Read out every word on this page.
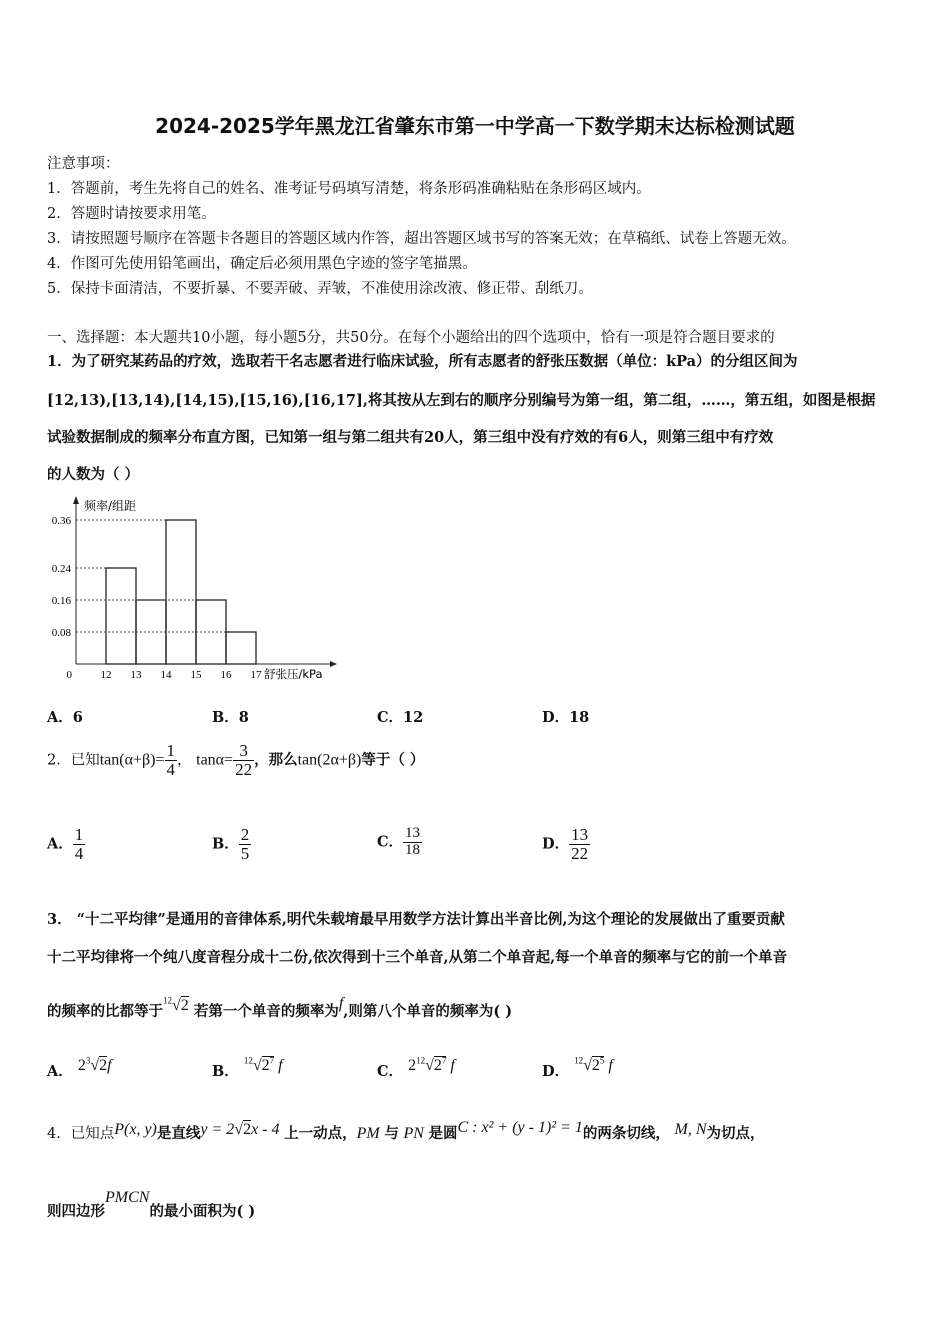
2024-2025学年黑龙江省肇东市第一中学高一下数学期末达标检测试题
注意事项：
1．答题前，考生先将自己的姓名、准考证号码填写清楚，将条形码准确粘贴在条形码区域内。
2．答题时请按要求用笔。
3．请按照题号顺序在答题卡各题目的答题区域内作答，超出答题区域书写的答案无效；在草稿纸、试卷上答题无效。
4．作图可先使用铅笔画出，确定后必须用黑色字迹的签字笔描黑。
5．保持卡面清洁，不要折暴、不要弄破、弄皱，不准使用涂改液、修正带、刮纸刀。
一、选择题：本大题共10小题，每小题5分，共50分。在每个小题给出的四个选项中，恰有一项是符合题目要求的
1．为了研究某药品的疗效，选取若干名志愿者进行临床试验，所有志愿者的舒张压数据（单位：kPa）的分组区间为
[12,13),[13,14),[14,15),[15,16),[16,17],将其按从左到右的顺序分别编号为第一组，第二组，……，第五组，如图是根据
试验数据制成的频率分布直方图，已知第一组与第二组共有20人，第三组中没有疗效的有6人，则第三组中有疗效
的人数为（ ）
0.36
0.24
0.16
0.08
12 13 14 15 16 17
0
频率/组距
舒张压/kPa
A．6	B．8	C．12	D．18
2．已知$\tan(\alpha+\beta)= \frac{1}{4}$ ， $\tan\alpha= \frac{3}{22}$ ，那么tan(2α+β)等于（ ）
A． $\frac{1}{4}$	B． $\frac{2}{5}$	C． $\frac{13}{18}$	D． $\frac{13}{22}$
3． “十二平均律”是通用的音律体系,明代朱载堉最早用数学方法计算出半音比例,为这个理论的发展做出了重要贡献
十二平均律将一个纯八度音程分成十二份,依次得到十三个单音,从第二个单音起,每一个单音的频率与它的前一个单音
的频率的比都等于$^{12}$√2 若第一个单音的频率为f,则第八个单音的频率为( )
A． $2^3√2f$	B． $^{12}√2^7$ f	C． $2^{12}√2^7$ f	D． $^{12}√2^5$ f
4．已知点P(x, y)是直线y = 2√2x - 4 上一动点，PM 与 PN 是圆C : x² + (y - 1)² = 1的两条切线， M, N为切点，
则四边形PMCN的最小面积为( )
